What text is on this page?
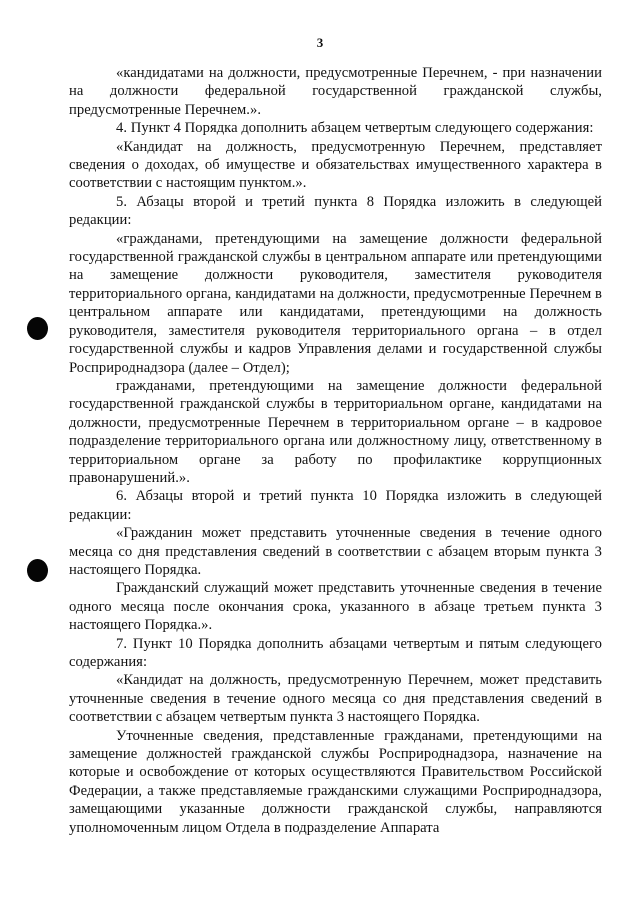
3

«кандидатами на должности, предусмотренные Перечнем, - при назначении на должности федеральной государственной гражданской службы, предусмотренные Перечнем.».

4. Пункт 4 Порядка дополнить абзацем четвертым следующего содержания:

«Кандидат на должность, предусмотренную Перечнем, представляет сведения о доходах, об имуществе и обязательствах имущественного характера в соответствии с настоящим пунктом.».

5. Абзацы второй и третий пункта 8 Порядка изложить в следующей редакции:

«гражданами, претендующими на замещение должности федеральной государственной гражданской службы в центральном аппарате или претендующими на замещение должности руководителя, заместителя руководителя территориального органа, кандидатами на должности, предусмотренные Перечнем в центральном аппарате или кандидатами, претендующими на должность руководителя, заместителя руководителя территориального органа – в отдел государственной службы и кадров Управления делами и государственной службы Росприроднадзора (далее – Отдел);

гражданами, претендующими на замещение должности федеральной государственной гражданской службы в территориальном органе, кандидатами на должности, предусмотренные Перечнем в территориальном органе – в кадровое подразделение территориального органа или должностному лицу, ответственному в территориальном органе за работу по профилактике коррупционных правонарушений.».

6. Абзацы второй и третий пункта 10 Порядка изложить в следующей редакции:

«Гражданин может представить уточненные сведения в течение одного месяца со дня представления сведений в соответствии с абзацем вторым пункта 3 настоящего Порядка.

Гражданский служащий может представить уточненные сведения в течение одного месяца после окончания срока, указанного в абзаце третьем пункта 3 настоящего Порядка.».

7. Пункт 10 Порядка дополнить абзацами четвертым и пятым следующего содержания:

«Кандидат на должность, предусмотренную Перечнем, может представить уточненные сведения в течение одного месяца со дня представления сведений в соответствии с абзацем четвертым пункта 3 настоящего Порядка.

Уточненные сведения, представленные гражданами, претендующими на замещение должностей гражданской службы Росприроднадзора, назначение на которые и освобождение от которых осуществляются Правительством Российской Федерации, а также представляемые гражданскими служащими Росприроднадзора, замещающими указанные должности гражданской службы, направляются уполномоченным лицом Отдела в подразделение Аппарата
